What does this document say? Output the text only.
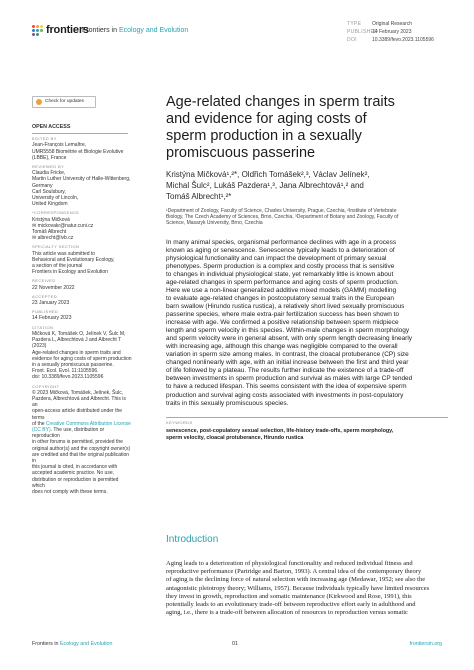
frontiers
Frontiers in Ecology and Evolution
TYPE Original Research
PUBLISHED14 February 2023
DOI	10.3389/fevo.2023.1105596
Check for updates
OPEN ACCESS
EDITED BY
Jean-François Lemaître,
UMR5558 Biométrie et Biologie Evolutive
(LBBE), France
REVIEWED BY
Claudia Fricke,
Martin Luther University of Halle-Wittenberg,
Germany
Carl Soulsbury,
University of Lincoln,
United Kingdom
*CORRESPONDENCE
Kristýna Mičková
✉ mickovakr@natur.cuni.cz
Tomáš Albrecht
✉ albrecht@ivb.cz
SPECIALTY SECTION
This article was submitted to
Behavioral and Evolutionary Ecology,
a section of the journal
Frontiers in Ecology and Evolution
RECEIVED
22 November 2022
ACCEPTED
23 January 2023
PUBLISHED
14 February 2023
CITATION
Mičková K, Tomášek O, Jelínek V, Šulc M,
Pazdera L, Albrechtová J and Albrecht T (2023)
Age-related changes in sperm traits and
evidence for aging costs of sperm production
in a sexually promiscuous passerine.
Front. Ecol. Evol. 11:1105596.
doi: 10.3389/fevo.2023.1105596
COPYRIGHT
© 2023 Mičková, Tomášek, Jelínek, Šulc,
Pazdera, Albrechtová and Albrecht. This is an
open-access article distributed under the terms
of the Creative Commons Attribution License
(CC BY). The use, distribution or reproduction
in other forums is permitted, provided the
original author(s) and the copyright owner(s)
are credited and that the original publication in
this journal is cited, in accordance with
accepted academic practice. No use,
distribution or reproduction is permitted which
does not comply with these terms.
Age-related changes in sperm traits
and evidence for aging costs of
sperm production in a sexually
promiscuous passerine
Kristýna Mičková¹,²*, Oldřich Tomášek²,³, Václav Jelínek²,
Michal Šulc², Lukáš Pazdera¹,³, Jana Albrechtová¹,² and
Tomáš Albrecht¹,²*
¹Department of Zoology, Faculty of Science, Charles University, Prague, Czechia, ²Institute of Vertebrate
Biology, The Czech Academy of Sciences, Brno, Czechia, ³Department of Botany and Zoology, Faculty of
Science, Masaryk University, Brno, Czechia
In many animal species, organismal performance declines with age in a process
known as aging or senescence. Senescence typically leads to a deterioration of
physiological functionality and can impact the development of primary sexual
phenotypes. Sperm production is a complex and costly process that is sensitive
to changes in individual physiological state, yet remarkably little is known about
age-related changes in sperm performance and aging costs of sperm production.
Here we use a non-linear generalized additive mixed models (GAMM) modelling
to evaluate age-related changes in postcopulatory sexual traits in the European
barn swallow (Hirundo rustica rustica), a relatively short lived sexually promiscuous
passerine species, where male extra-pair fertilization success has been shown to
increase with age. We confirmed a positive relationship between sperm midpiece
length and sperm velocity in this species. Within-male changes in sperm morphology
and sperm velocity were in general absent, with only sperm length decreasing linearly
with increasing age, although this change was negligible compared to the overall
variation in sperm size among males. In contrast, the cloacal protuberance (CP) size
changed nonlinearly with age, with an initial increase between the first and third year
of life followed by a plateau. The results further indicate the existence of a trade-off
between investments in sperm production and survival as males with large CP tended
to have a reduced lifespan. This seems consistent with the idea of expensive sperm
production and survival aging costs associated with investments in post-copulatory
traits in this sexually promiscuous species.
KEYWORDS
senescence, post-copulatory sexual selection, life-history trade-offs, sperm morphology,
sperm velocity, cloacal protuberance, Hirundo rustica
Introduction
Aging leads to a deterioration of physiological functionality and reduced individual fitness and
reproductive performance (Partridge and Barton, 1993). A central idea of the contemporary theory
of aging is the declining force of natural selection with increasing age (Medawar, 1952; see also the
antagonistic pleiotropy theory; Williams, 1957). Because individuals typically have limited resources
they invest in growth, reproduction and somatic maintenance (Kirkwood and Rose, 1991), this
potentially leads to an evolutionary trade-off between reproductive effort early in adulthood and
aging, i.e., there is a trade-off between allocation of resources to reproduction versus somatic
Frontiers in Ecology and Evolution	01	frontiersin.org
